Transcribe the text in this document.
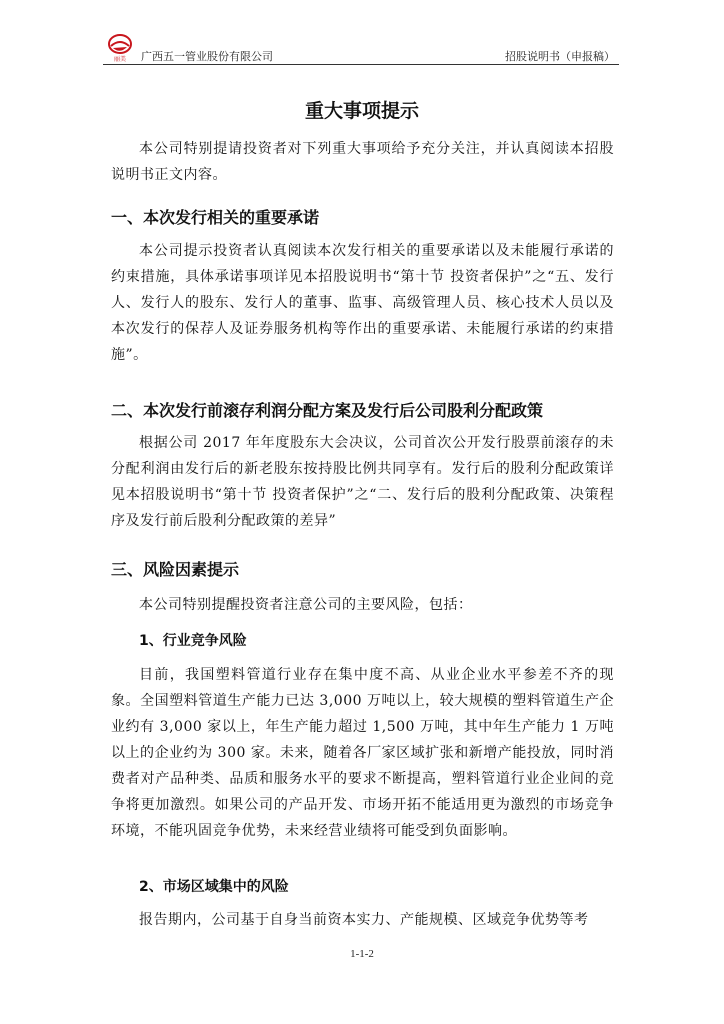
丽美 广西五一管业股份有限公司	招股说明书（申报稿）
重大事项提示

本公司特别提请投资者对下列重大事项给予充分关注，并认真阅读本招股说明书正文内容。

一、本次发行相关的重要承诺

本公司提示投资者认真阅读本次发行相关的重要承诺以及未能履行承诺的约束措施，具体承诺事项详见本招股说明书“第十节 投资者保护”之“五、发行人、发行人的股东、发行人的董事、监事、高级管理人员、核心技术人员以及本次发行的保荐人及证券服务机构等作出的重要承诺、未能履行承诺的约束措施”。

二、本次发行前滚存利润分配方案及发行后公司股利分配政策

根据公司 2017 年年度股东大会决议，公司首次公开发行股票前滚存的未分配利润由发行后的新老股东按持股比例共同享有。发行后的股利分配政策详见本招股说明书“第十节 投资者保护”之“二、发行后的股利分配政策、决策程序及发行前后股利分配政策的差异”

三、风险因素提示

本公司特别提醒投资者注意公司的主要风险，包括：

1、行业竞争风险

目前，我国塑料管道行业存在集中度不高、从业企业水平参差不齐的现象。全国塑料管道生产能力已达 3,000 万吨以上，较大规模的塑料管道生产企业约有 3,000 家以上，年生产能力超过 1,500 万吨，其中年生产能力 1 万吨以上的企业约为 300 家。未来，随着各厂家区域扩张和新增产能投放，同时消费者对产品种类、品质和服务水平的要求不断提高，塑料管道行业企业间的竞争将更加激烈。如果公司的产品开发、市场开拓不能适用更为激烈的市场竞争环境，不能巩固竞争优势，未来经营业绩将可能受到负面影响。

2、市场区域集中的风险

报告期内，公司基于自身当前资本实力、产能规模、区域竞争优势等考

1-1-2
